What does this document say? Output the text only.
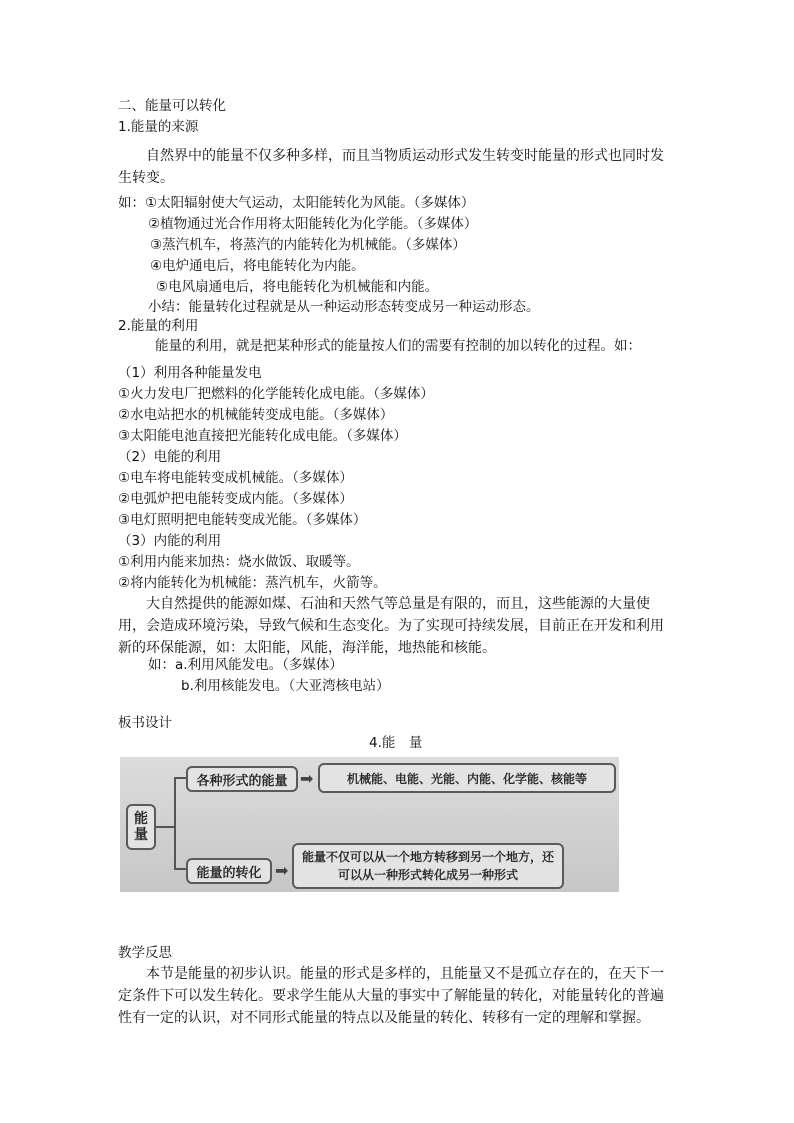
二、能量可以转化
1.能量的来源
自然界中的能量不仅多种多样，而且当物质运动形式发生转变时能量的形式也同时发生转变。
如：①太阳辐射使大气运动，太阳能转化为风能。（多媒体）
②植物通过光合作用将太阳能转化为化学能。（多媒体）
③蒸汽机车，将蒸汽的内能转化为机械能。（多媒体）
④电炉通电后，将电能转化为内能。
⑤电风扇通电后，将电能转化为机械能和内能。
小结：能量转化过程就是从一种运动形态转变成另一种运动形态。
2.能量的利用
能量的利用，就是把某种形式的能量按人们的需要有控制的加以转化的过程。如：
（1）利用各种能量发电
①火力发电厂把燃料的化学能转化成电能。（多媒体）
②水电站把水的机械能转变成电能。（多媒体）
③太阳能电池直接把光能转化成电能。（多媒体）
（2）电能的利用
①电车将电能转变成机械能。（多媒体）
②电弧炉把电能转变成内能。（多媒体）
③电灯照明把电能转变成光能。（多媒体）
（3）内能的利用
①利用内能来加热：烧水做饭、取暖等。
②将内能转化为机械能：蒸汽机车，火箭等。
大自然提供的能源如煤、石油和天然气等总量是有限的，而且，这些能源的大量使用，会造成环境污染，导致气候和生态变化。为了实现可持续发展，目前正在开发和利用新的环保能源，如：太阳能，风能，海洋能，地热能和核能。
如：a.利用风能发电。（多媒体）
b.利用核能发电。（大亚湾核电站）
板书设计
4.能　量
能量
各种形式的能量 ➡	机械能、电能、光能、内能、化学能、核能等
能量的转化 ➡
能量不仅可以从一个地方转移到另一个地方，还可以从一种形式转化成另一种形式
教学反思
本节是能量的初步认识。能量的形式是多样的，且能量又不是孤立存在的，在天下一定条件下可以发生转化。要求学生能从大量的事实中了解能量的转化，对能量转化的普遍性有一定的认识，对不同形式能量的特点以及能量的转化、转移有一定的理解和掌握。
